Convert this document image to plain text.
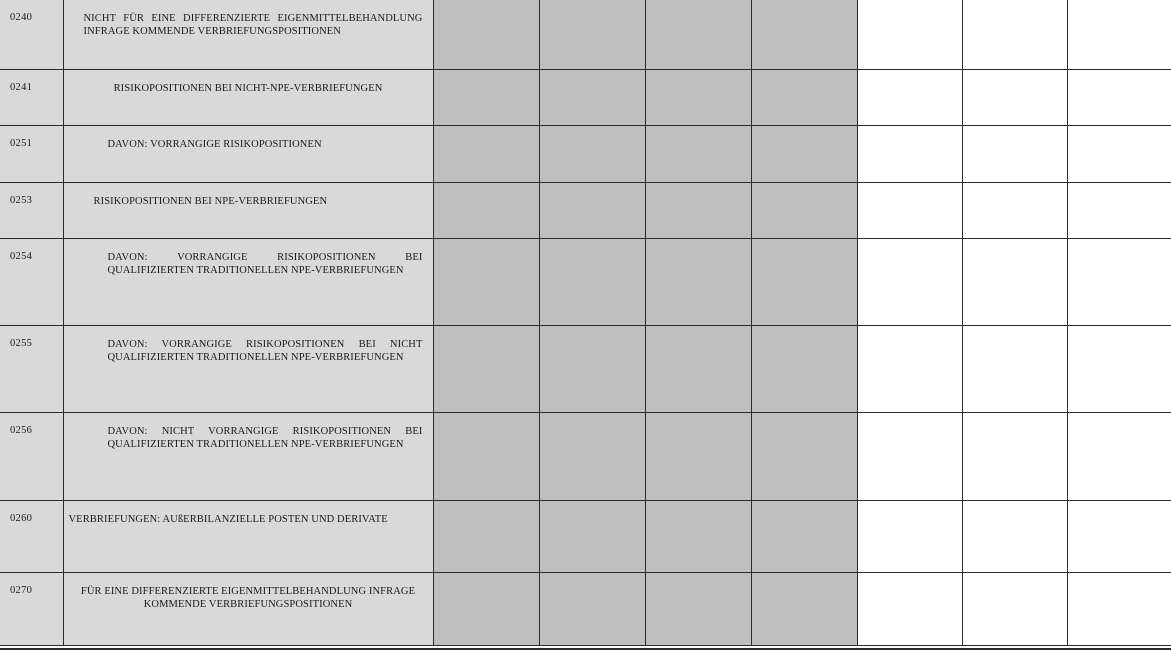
0240	NICHT FÜR EINE DIFFERENZIERTE EIGENMITTELBEHANDLUNG INFRAGE KOMMENDE VERBRIEFUNGSPOSITIONEN							
0241	RISIKOPOSITIONEN BEI NICHT-NPE-VERBRIEFUNGEN							
0251	DAVON: VORRANGIGE RISIKOPOSITIONEN							
0253	RISIKOPOSITIONEN BEI NPE-VERBRIEFUNGEN							
0254	DAVON: VORRANGIGE RISIKOPOSITIONEN BEI QUALIFIZIERTEN TRADITIONELLEN NPE-VERBRIEFUNGEN							
0255	DAVON: VORRANGIGE RISIKOPOSITIONEN BEI NICHT QUALIFIZIERTEN TRADITIONELLEN NPE-VERBRIEFUNGEN							
0256	DAVON: NICHT VORRANGIGE RISIKOPOSITIONEN BEI QUALIFIZIERTEN TRADITIONELLEN NPE-VERBRIEFUNGEN							
0260	VERBRIEFUNGEN: AUßERBILANZIELLE POSTEN UND DERIVATE							
0270	FÜR EINE DIFFERENZIERTE EIGENMITTELBEHANDLUNG INFRAGE KOMMENDE VERBRIEFUNGSPOSITIONEN							
